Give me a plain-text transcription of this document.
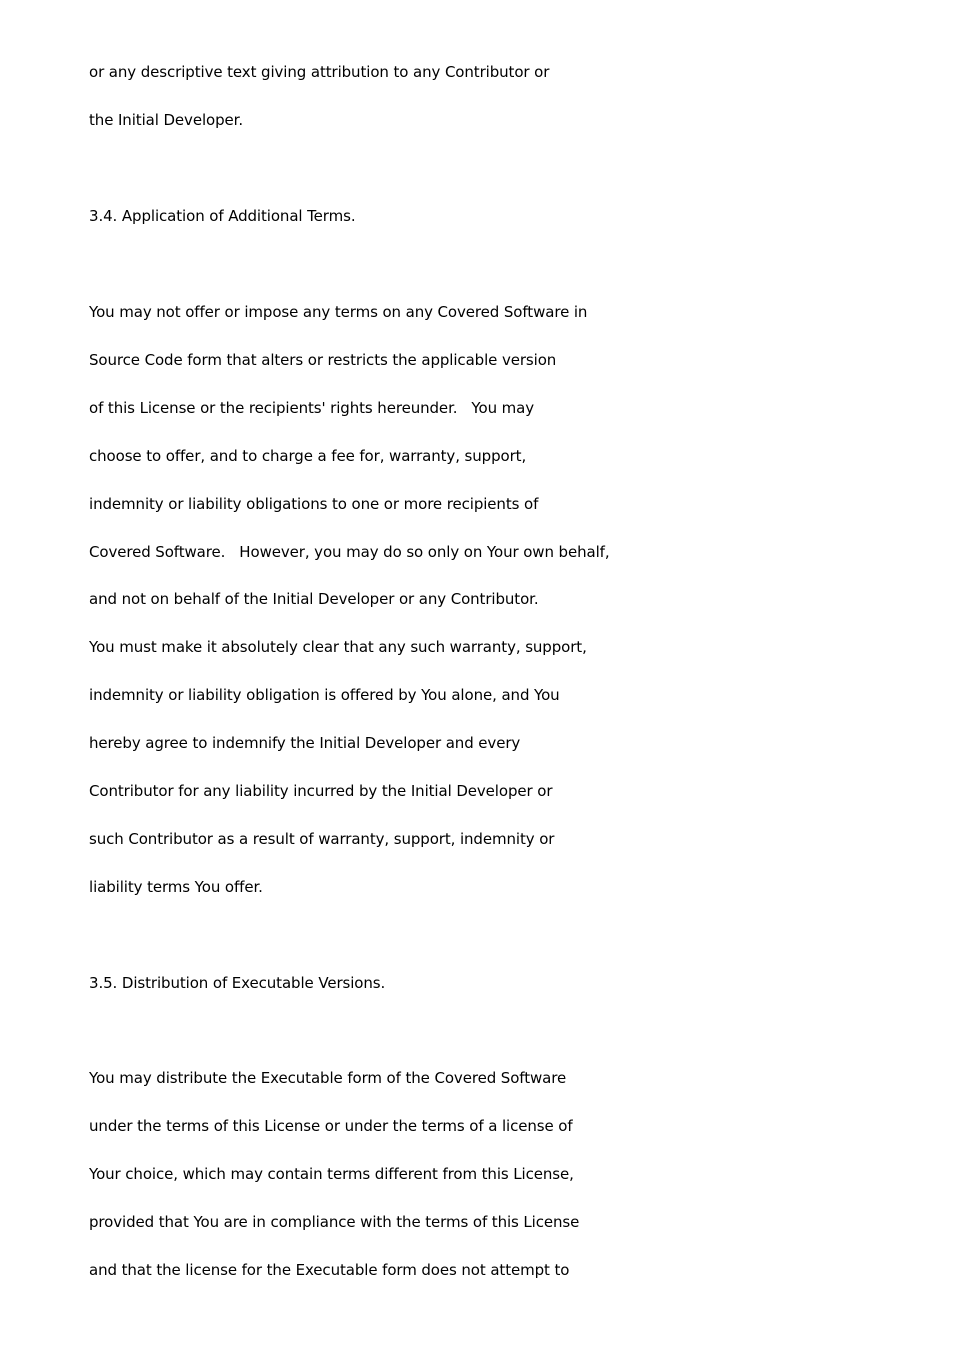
or any descriptive text giving attribution to any Contributor or
the Initial Developer.
3.4. Application of Additional Terms.
You may not offer or impose any terms on any Covered Software in
Source Code form that alters or restricts the applicable version
of this License or the recipients' rights hereunder.   You may
choose to offer, and to charge a fee for, warranty, support,
indemnity or liability obligations to one or more recipients of
Covered Software.   However, you may do so only on Your own behalf,
and not on behalf of the Initial Developer or any Contributor.
You must make it absolutely clear that any such warranty, support,
indemnity or liability obligation is offered by You alone, and You
hereby agree to indemnify the Initial Developer and every
Contributor for any liability incurred by the Initial Developer or
such Contributor as a result of warranty, support, indemnity or
liability terms You offer.
3.5. Distribution of Executable Versions.
You may distribute the Executable form of the Covered Software
under the terms of this License or under the terms of a license of
Your choice, which may contain terms different from this License,
provided that You are in compliance with the terms of this License
and that the license for the Executable form does not attempt to
